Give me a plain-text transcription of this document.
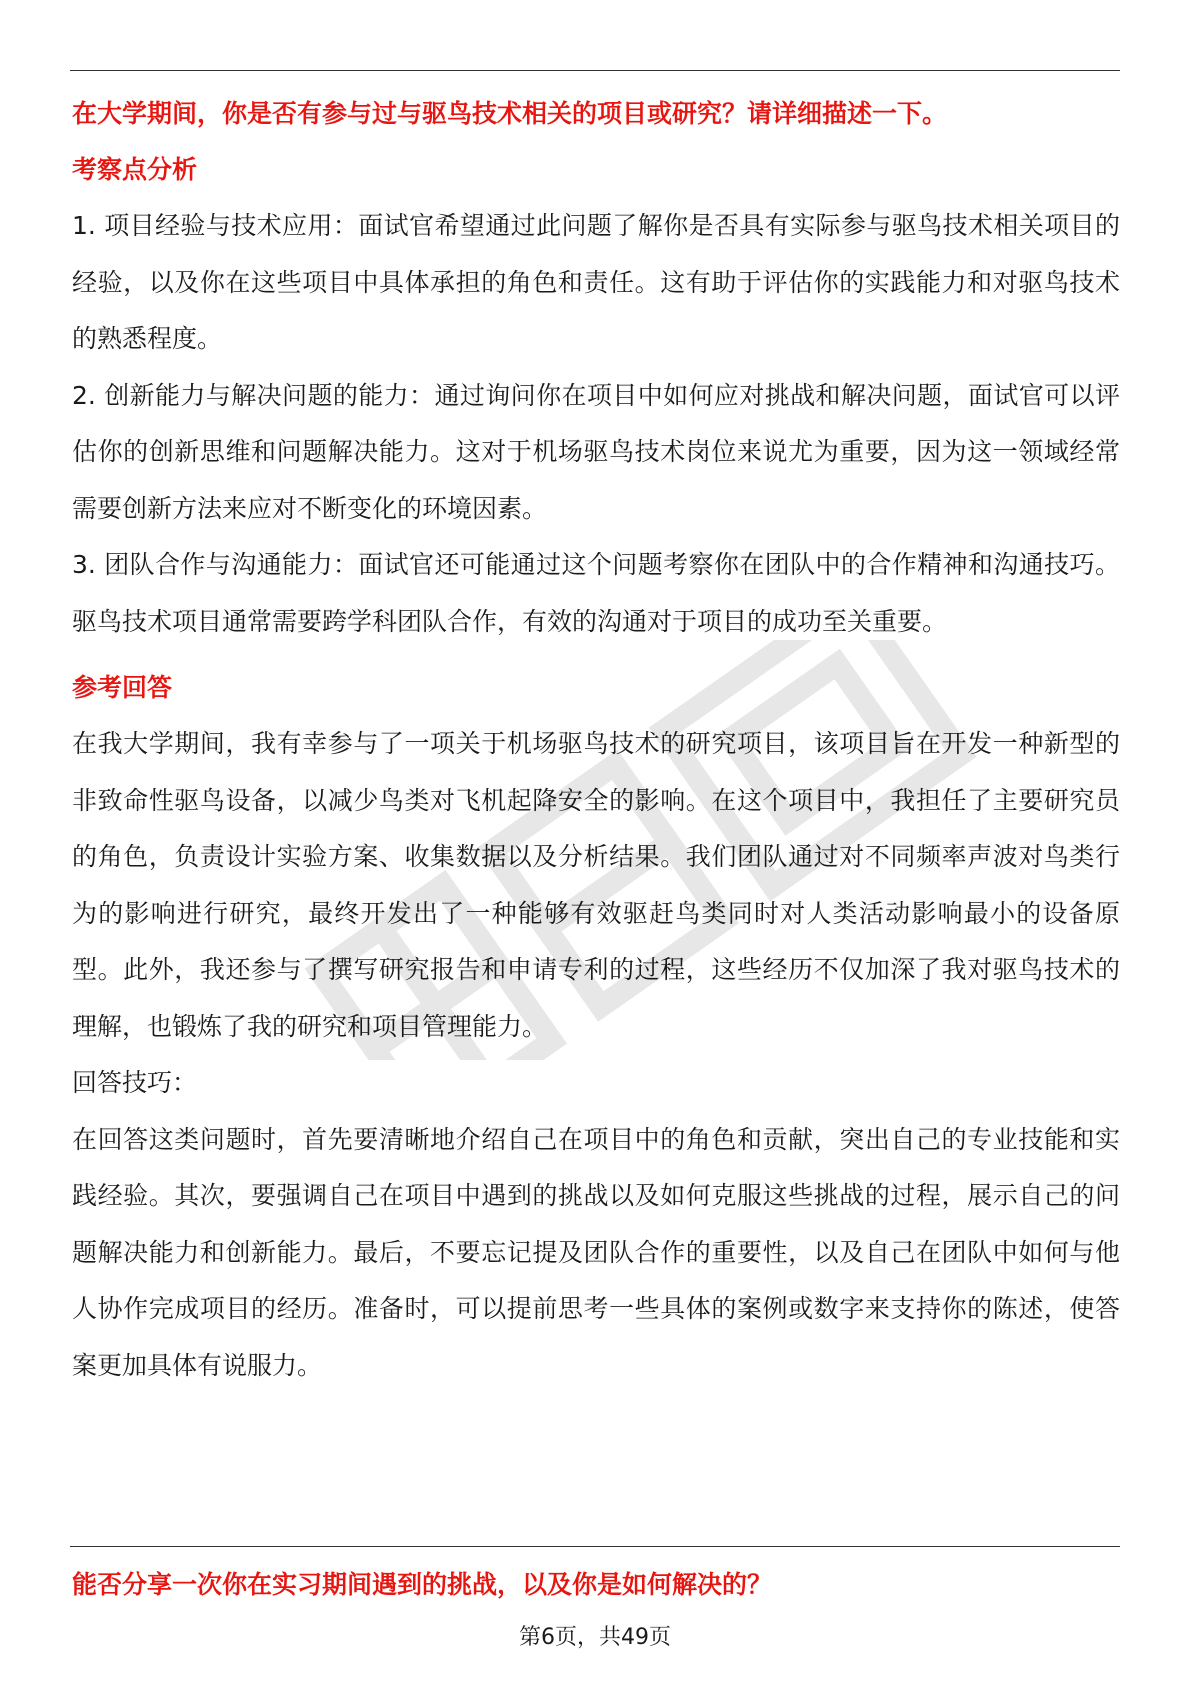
在大学期间，你是否有参与过与驱鸟技术相关的项目或研究？请详细描述一下。

考察点分析

1. 项目经验与技术应用：面试官希望通过此问题了解你是否具有实际参与驱鸟技术相关项目的经验，以及你在这些项目中具体承担的角色和责任。这有助于评估你的实践能力和对驱鸟技术的熟悉程度。

2. 创新能力与解决问题的能力：通过询问你在项目中如何应对挑战和解决问题，面试官可以评估你的创新思维和问题解决能力。这对于机场驱鸟技术岗位来说尤为重要，因为这一领域经常需要创新方法来应对不断变化的环境因素。

3. 团队合作与沟通能力：面试官还可能通过这个问题考察你在团队中的合作精神和沟通技巧。驱鸟技术项目通常需要跨学科团队合作，有效的沟通对于项目的成功至关重要。

参考回答

在我大学期间，我有幸参与了一项关于机场驱鸟技术的研究项目，该项目旨在开发一种新型的非致命性驱鸟设备，以减少鸟类对飞机起降安全的影响。在这个项目中，我担任了主要研究员的角色，负责设计实验方案、收集数据以及分析结果。我们团队通过对不同频率声波对鸟类行为的影响进行研究，最终开发出了一种能够有效驱赶鸟类同时对人类活动影响最小的设备原型。此外，我还参与了撰写研究报告和申请专利的过程，这些经历不仅加深了我对驱鸟技术的理解，也锻炼了我的研究和项目管理能力。

回答技巧：

在回答这类问题时，首先要清晰地介绍自己在项目中的角色和贡献，突出自己的专业技能和实践经验。其次，要强调自己在项目中遇到的挑战以及如何克服这些挑战的过程，展示自己的问题解决能力和创新能力。最后，不要忘记提及团队合作的重要性，以及自己在团队中如何与他人协作完成项目的经历。准备时，可以提前思考一些具体的案例或数字来支持你的陈述，使答案更加具体有说服力。

能否分享一次你在实习期间遇到的挑战，以及你是如何解决的？

第6页，共49页
